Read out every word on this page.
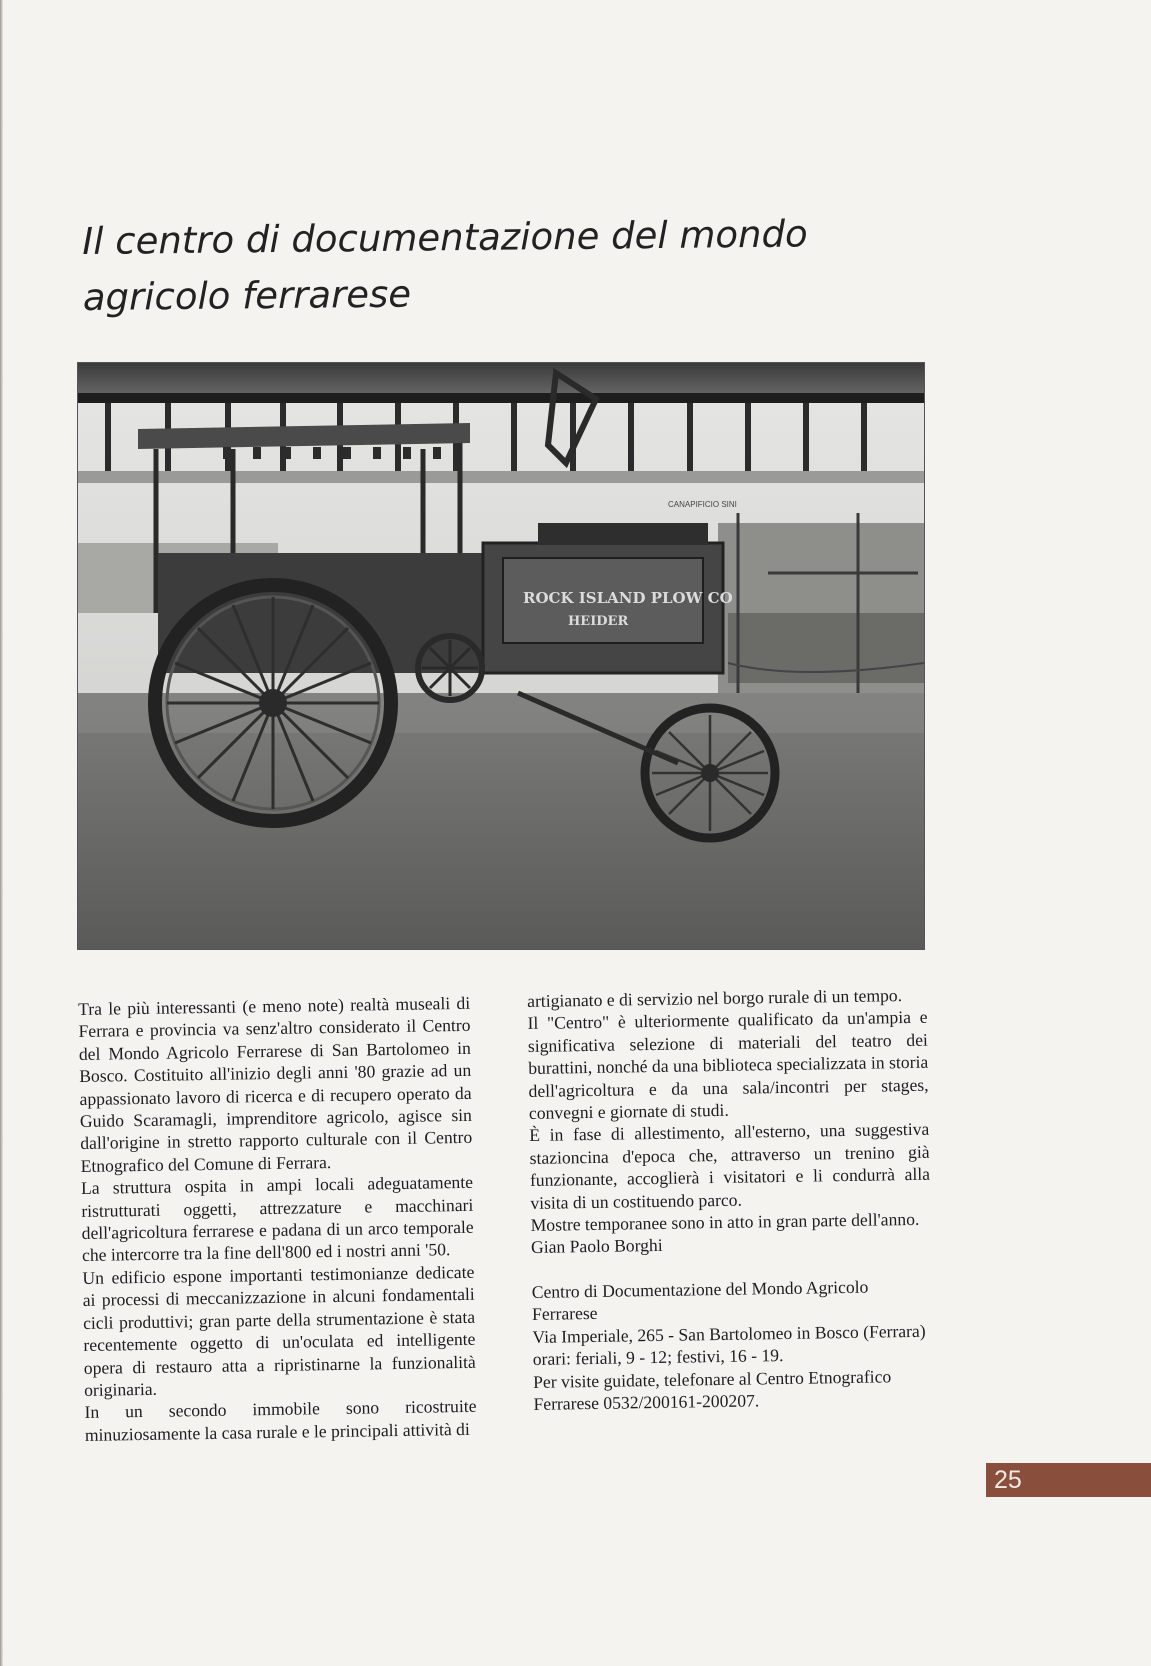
Il centro di documentazione del mondo agricolo ferrarese
CANAPIFICIO SINI
ROCK ISLAND PLOW CO
HEIDER

Tra le più interessanti (e meno note) realtà museali di Ferrara e provincia va senz'altro considerato il Centro del Mondo Agricolo Ferrarese di San Bartolomeo in Bosco. Costituito all'inizio degli anni '80 grazie ad un appassionato lavoro di ricerca e di recupero operato da Guido Scaramagli, imprenditore agricolo, agisce sin dall'origine in stretto rapporto culturale con il Centro Etnografico del Comune di Ferrara.

La struttura ospita in ampi locali adeguatamente ristrutturati oggetti, attrezzature e macchinari dell'agricoltura ferrarese e padana di un arco temporale che intercorre tra la fine dell'800 ed i nostri anni '50.

Un edificio espone importanti testimonianze dedicate ai processi di meccanizzazione in alcuni fondamentali cicli produttivi; gran parte della strumentazione è stata recentemente oggetto di un'oculata ed intelligente opera di restauro atta a ripristinarne la funzionalità originaria.

In un secondo immobile sono ricostruite minuziosamente la casa rurale e le principali attività di

artigianato e di servizio nel borgo rurale di un tempo.

Il "Centro" è ulteriormente qualificato da un'ampia e significativa selezione di materiali del teatro dei burattini, nonché da una biblioteca specializzata in storia dell'agricoltura e da una sala/incontri per stages, convegni e giornate di studi.

È in fase di allestimento, all'esterno, una suggestiva stazioncina d'epoca che, attraverso un trenino già funzionante, accoglierà i visitatori e li condurrà alla visita di un costituendo parco.

Mostre temporanee sono in atto in gran parte dell'anno.

Gian Paolo Borghi

Centro di Documentazione del Mondo Agricolo Ferrarese

Via Imperiale, 265 - San Bartolomeo in Bosco (Ferrara)

orari: feriali, 9 - 12; festivi, 16 - 19.

Per visite guidate, telefonare al Centro Etnografico Ferrarese 0532/200161-200207.

25
